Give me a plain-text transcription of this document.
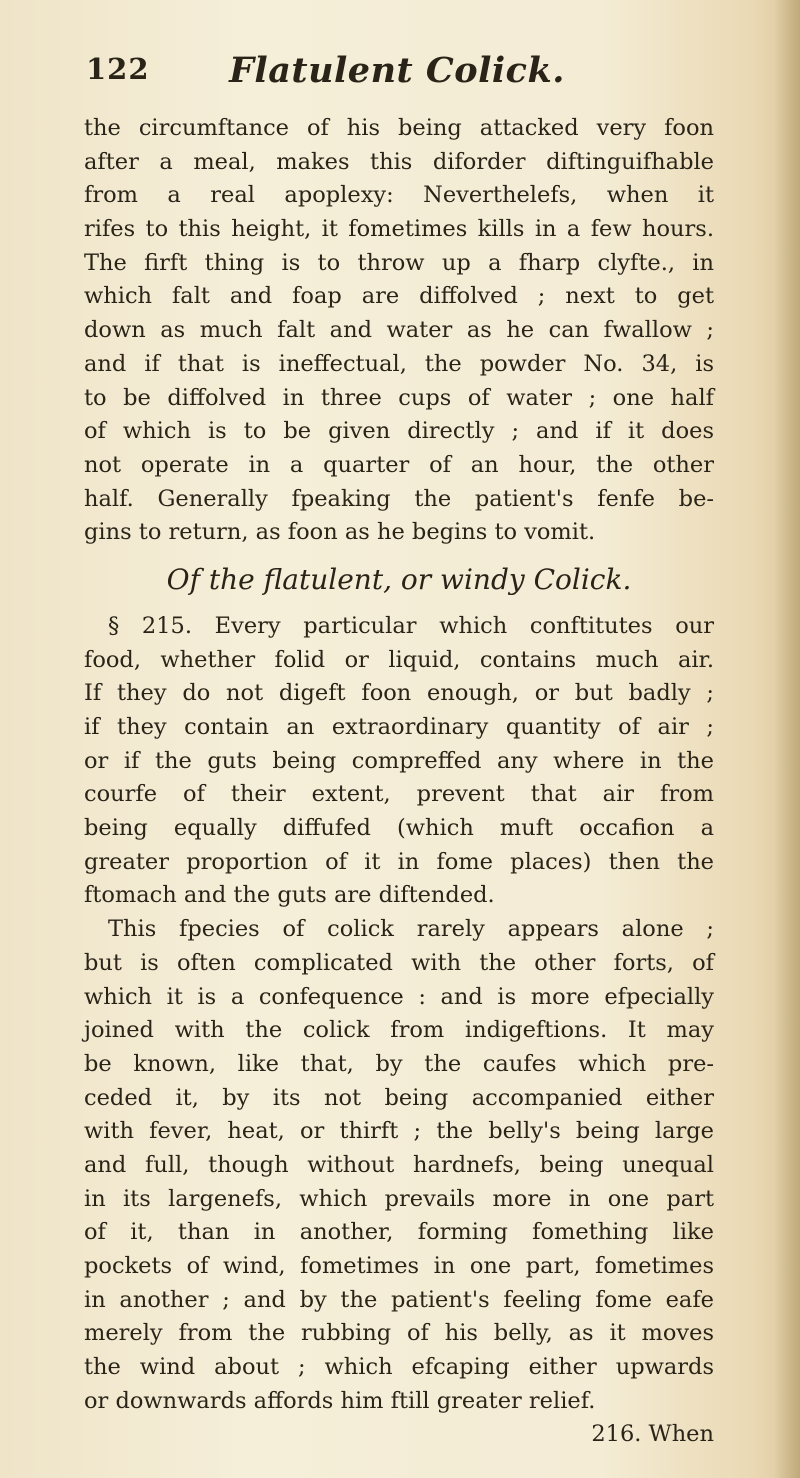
122	Flatulent Colick.
the circumftance of his being attacked very foon
after a meal, makes this diforder diftinguifhable
from a real apoplexy: Neverthelefs, when it
rifes to this height, it fometimes kills in a few hours.
The firft thing is to throw up a fharp clyfte., in
which falt and foap are diffolved ; next to get
down as much falt and water as he can fwallow ;
and if that is ineffectual, the powder No. 34, is
to be diffolved in three cups of water ; one half
of which is to be given directly ; and if it does
not operate in a quarter of an hour, the other
half. Generally fpeaking the patient's fenfe be-
gins to return, as foon as he begins to vomit.
Of the flatulent, or windy Colick.
§ 215. Every particular which conftitutes our
food, whether folid or liquid, contains much air.
If they do not digeft foon enough, or but badly ;
if they contain an extraordinary quantity of air ;
or if the guts being compreffed any where in the
courfe of their extent, prevent that air from
being equally diffufed (which muft occafion a
greater proportion of it in fome places) then the
ftomach and the guts are diftended.
This fpecies of colick rarely appears alone ;
but is often complicated with the other forts, of
which it is a confequence : and is more efpecially
joined with the colick from indigeftions. It may
be known, like that, by the caufes which pre-
ceded it, by its not being accompanied either
with fever, heat, or thirft ; the belly's being large
and full, though without hardnefs, being unequal
in its largenefs, which prevails more in one part
of it, than in another, forming fomething like
pockets of wind, fometimes in one part, fometimes
in another ; and by the patient's feeling fome eafe
merely from the rubbing of his belly, as it moves
the wind about ; which efcaping either upwards
or downwards affords him ftill greater relief.
216. When
